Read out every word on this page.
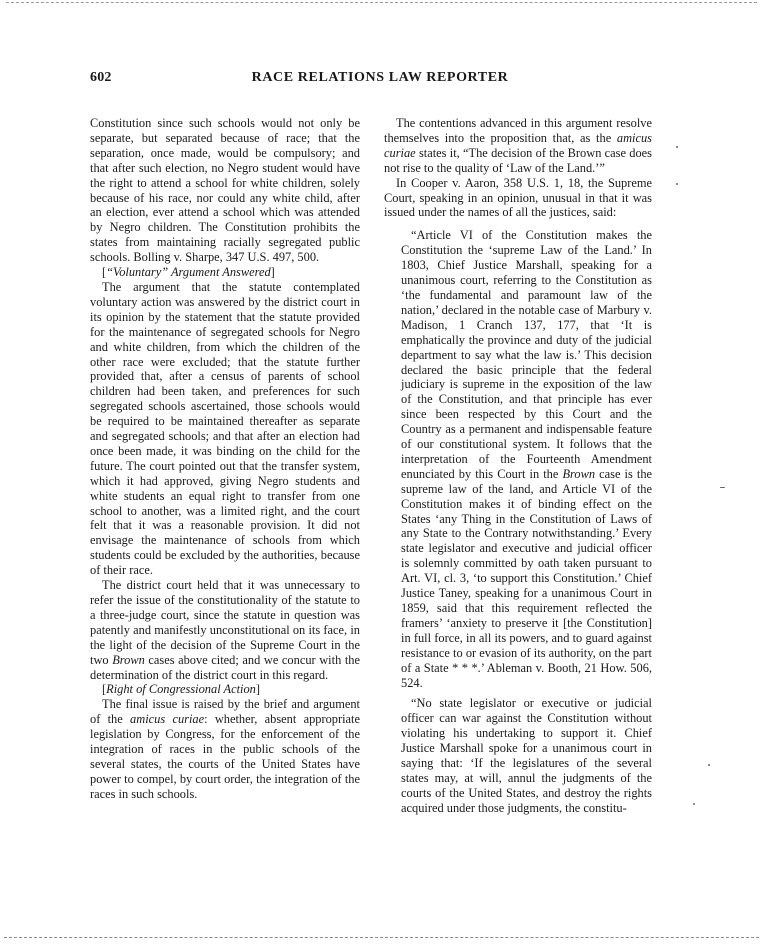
602	RACE RELATIONS LAW REPORTER

Constitution since such schools would not only be separate, but separated because of race; that the separation, once made, would be compulsory; and that after such election, no Negro student would have the right to attend a school for white children, solely because of his race, nor could any white child, after an election, ever attend a school which was attended by Negro children. The Constitution prohibits the states from maintaining racially segregated public schools. Bolling v. Sharpe, 347 U.S. 497, 500.

[“Voluntary” Argument Answered]

The argument that the statute contemplated voluntary action was answered by the district court in its opinion by the statement that the statute provided for the maintenance of segregated schools for Negro and white children, from which the children of the other race were excluded; that the statute further provided that, after a census of parents of school children had been taken, and preferences for such segregated schools ascertained, those schools would be required to be maintained thereafter as separate and segregated schools; and that after an election had once been made, it was binding on the child for the future. The court pointed out that the transfer system, which it had approved, giving Negro students and white students an equal right to transfer from one school to another, was a limited right, and the court felt that it was a reasonable provision. It did not envisage the maintenance of schools from which students could be excluded by the authorities, because of their race.

The district court held that it was unnecessary to refer the issue of the constitutionality of the statute to a three-judge court, since the statute in question was patently and manifestly unconstitutional on its face, in the light of the decision of the Supreme Court in the two Brown cases above cited; and we concur with the determination of the district court in this regard.

[Right of Congressional Action]

The final issue is raised by the brief and argument of the amicus curiae: whether, absent appropriate legislation by Congress, for the enforcement of the integration of races in the public schools of the several states, the courts of the United States have power to compel, by court order, the integration of the races in such schools.

The contentions advanced in this argument resolve themselves into the proposition that, as the amicus curiae states it, “The decision of the Brown case does not rise to the quality of ‘Law of the Land.’”

In Cooper v. Aaron, 358 U.S. 1, 18, the Supreme Court, speaking in an opinion, unusual in that it was issued under the names of all the justices, said:

“Article VI of the Constitution makes the Constitution the ‘supreme Law of the Land.’ In 1803, Chief Justice Marshall, speaking for a unanimous court, referring to the Constitution as ‘the fundamental and paramount law of the nation,’ declared in the notable case of Marbury v. Madison, 1 Cranch 137, 177, that ‘It is emphatically the province and duty of the judicial department to say what the law is.’ This decision declared the basic principle that the federal judiciary is supreme in the exposition of the law of the Constitution, and that principle has ever since been respected by this Court and the Country as a permanent and indispensable feature of our constitutional system. It follows that the interpretation of the Fourteenth Amendment enunciated by this Court in the Brown case is the supreme law of the land, and Article VI of the Constitution makes it of binding effect on the States ‘any Thing in the Constitution of Laws of any State to the Contrary notwithstanding.’ Every state legislator and executive and judicial officer is solemnly committed by oath taken pursuant to Art. VI, cl. 3, ‘to support this Constitution.’ Chief Justice Taney, speaking for a unanimous Court in 1859, said that this requirement reflected the framers’ ‘anxiety to preserve it [the Constitution] in full force, in all its powers, and to guard against resistance to or evasion of its authority, on the part of a State * * *.’ Ableman v. Booth, 21 How. 506, 524.

“No state legislator or executive or judicial officer can war against the Constitution without violating his undertaking to support it. Chief Justice Marshall spoke for a unanimous court in saying that: ‘If the legislatures of the several states may, at will, annul the judgments of the courts of the United States, and destroy the rights acquired under those judgments, the constitu-
